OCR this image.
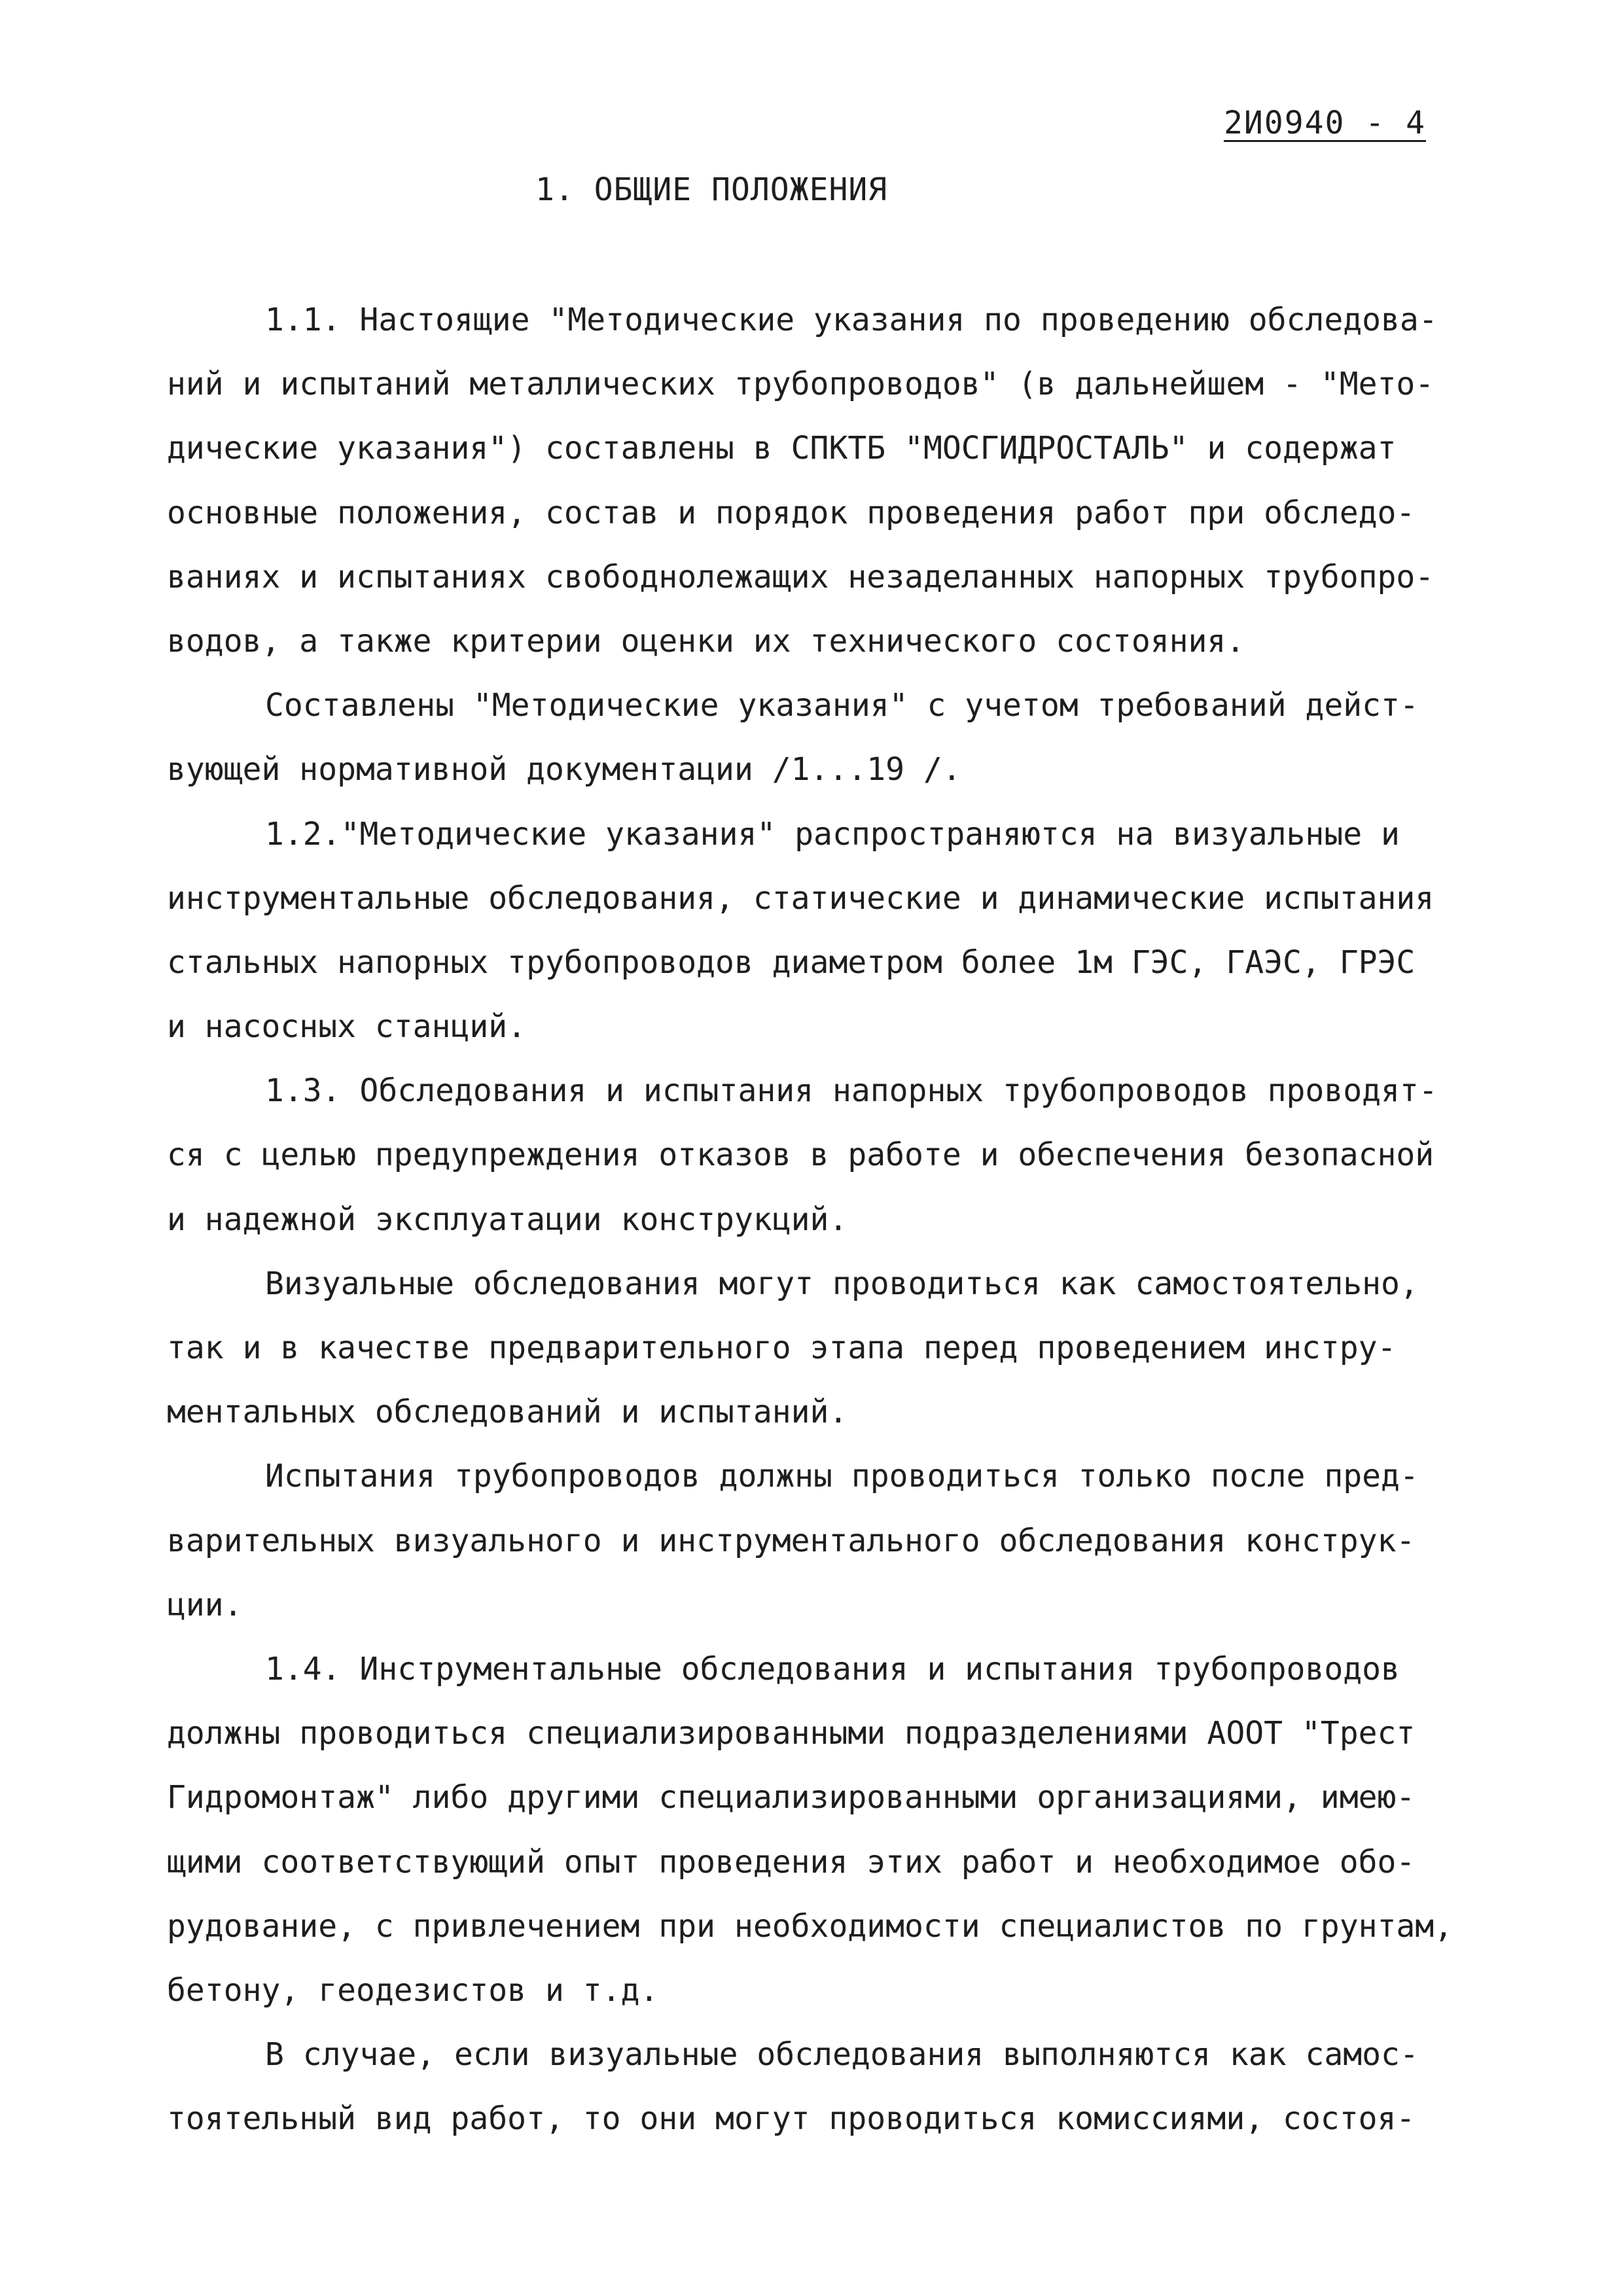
2И0940 - 4
1. ОБЩИЕ ПОЛОЖЕНИЯ
1.1. Настоящие "Методические указания по проведению обследова-
ний и испытаний металлических трубопроводов" (в дальнейшем - "Мето-
дические указания") составлены в СПКТБ "МОСГИДРОСТАЛЬ" и содержат
основные положения, состав и порядок проведения работ при обследо-
ваниях и испытаниях свободнолежащих незаделанных напорных трубопро-
водов, а также критерии оценки их технического состояния.
Составлены "Методические указания" с учетом требований дейст-
вующей нормативной документации /1...19 /.
1.2."Методические указания" распространяются на визуальные и
инструментальные обследования, статические и динамические испытания
стальных напорных трубопроводов диаметром более 1м ГЭС, ГАЭС, ГРЭС
и насосных станций.
1.3. Обследования и испытания напорных трубопроводов проводят-
ся с целью предупреждения отказов в работе и обеспечения безопасной
и надежной эксплуатации конструкций.
Визуальные обследования могут проводиться как самостоятельно,
так и в качестве предварительного этапа перед проведением инстру-
ментальных обследований и испытаний.
Испытания трубопроводов должны проводиться только после пред-
варительных визуального и инструментального обследования конструк-
ции.
1.4. Инструментальные обследования и испытания трубопроводов
должны проводиться специализированными подразделениями АООТ "Трест
Гидромонтаж" либо другими специализированными организациями, имею-
щими соответствующий опыт проведения этих работ и необходимое обо-
рудование, с привлечением при необходимости специалистов по грунтам,
бетону, геодезистов и т.д.
В случае, если визуальные обследования выполняются как самос-
тоятельный вид работ, то они могут проводиться комиссиями, состоя-
